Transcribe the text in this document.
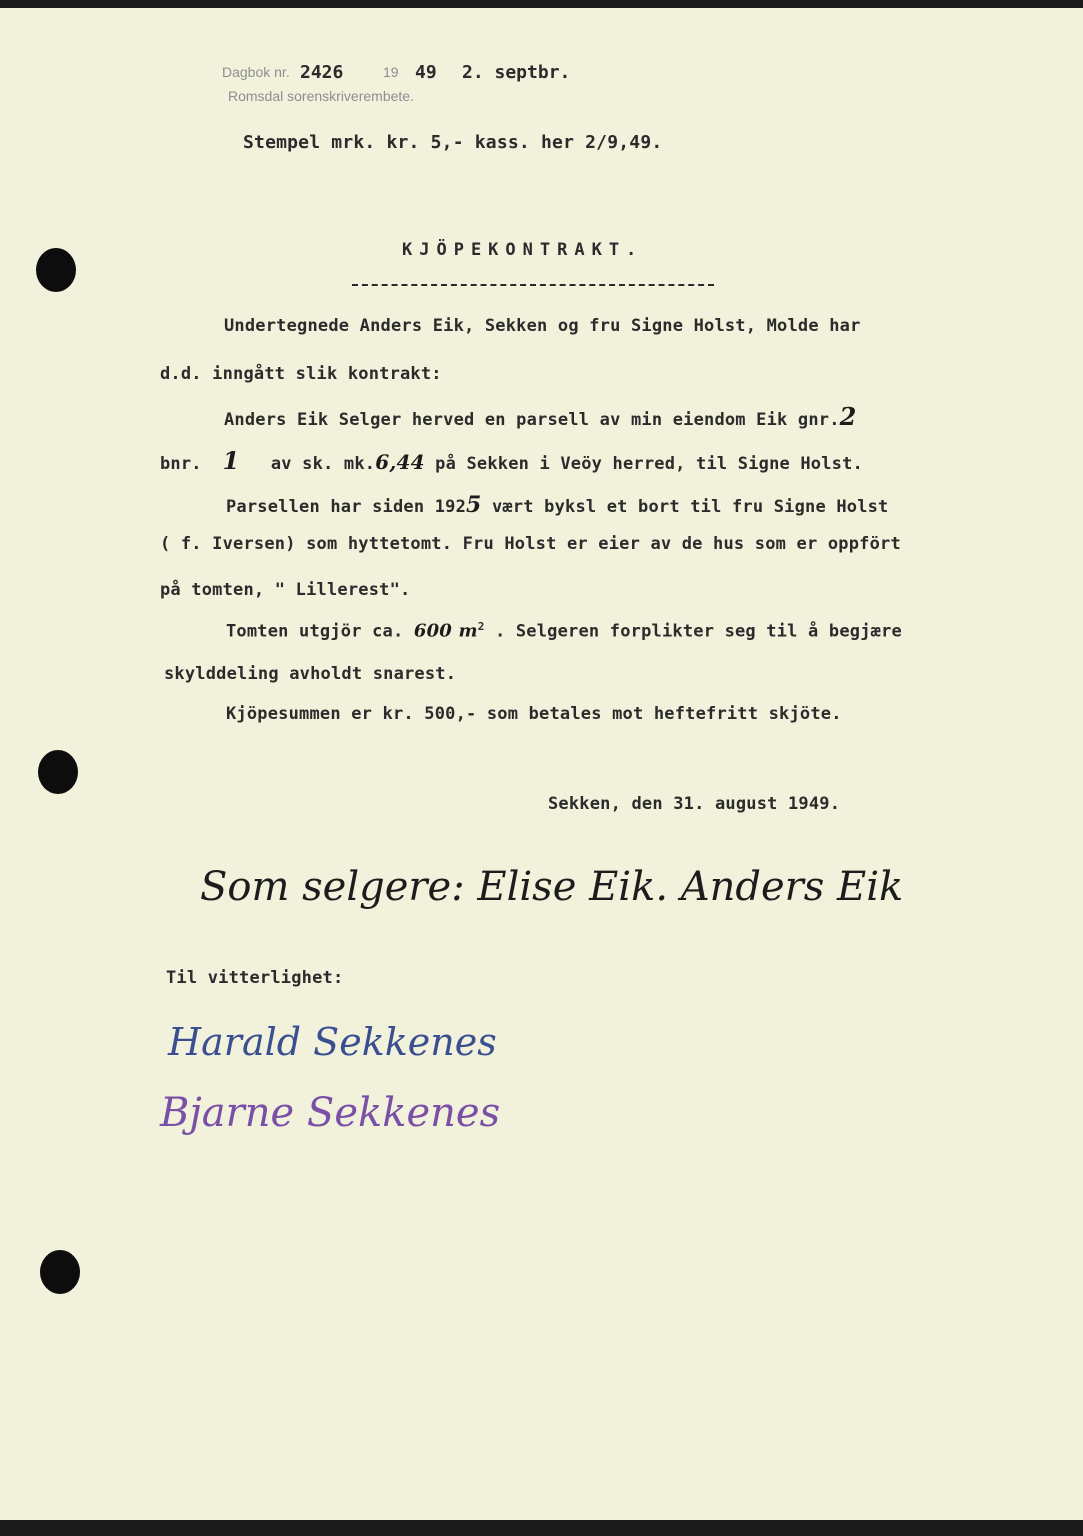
Dagbok nr. 2426	19 49 2. septbr.
Romsdal sorenskriverembete.
Stempel mrk. kr. 5,- kass. her 2/9,49.
KJÖPEKONTRAKT.
Undertegnede Anders Eik, Sekken og fru Signe Holst, Molde har
d.d. inngått slik kontrakt:
Anders Eik Selger herved en parsell av min eiendom Eik gnr.2
bnr. 1 av sk. mk.6,44 på Sekken i Veöy herred, til Signe Holst.
Parsellen har siden 1925 vært byksl et bort til fru Signe Holst
( f. Iversen) som hyttetomt. Fru Holst er eier av de hus som er oppfört
på tomten, " Lillerest".
Tomten utgjör ca. 600 $m^2$ . Selgeren forplikter seg til å begjære
skylddeling avholdt snarest.
Kjöpesummen er kr. 500,- som betales mot heftefritt skjöte.
Sekken, den 31. august 1949.
Som selgere: Elise Eik. Anders Eik
Til vitterlighet:
Harald Sekkenes
Bjarne Sekkenes
